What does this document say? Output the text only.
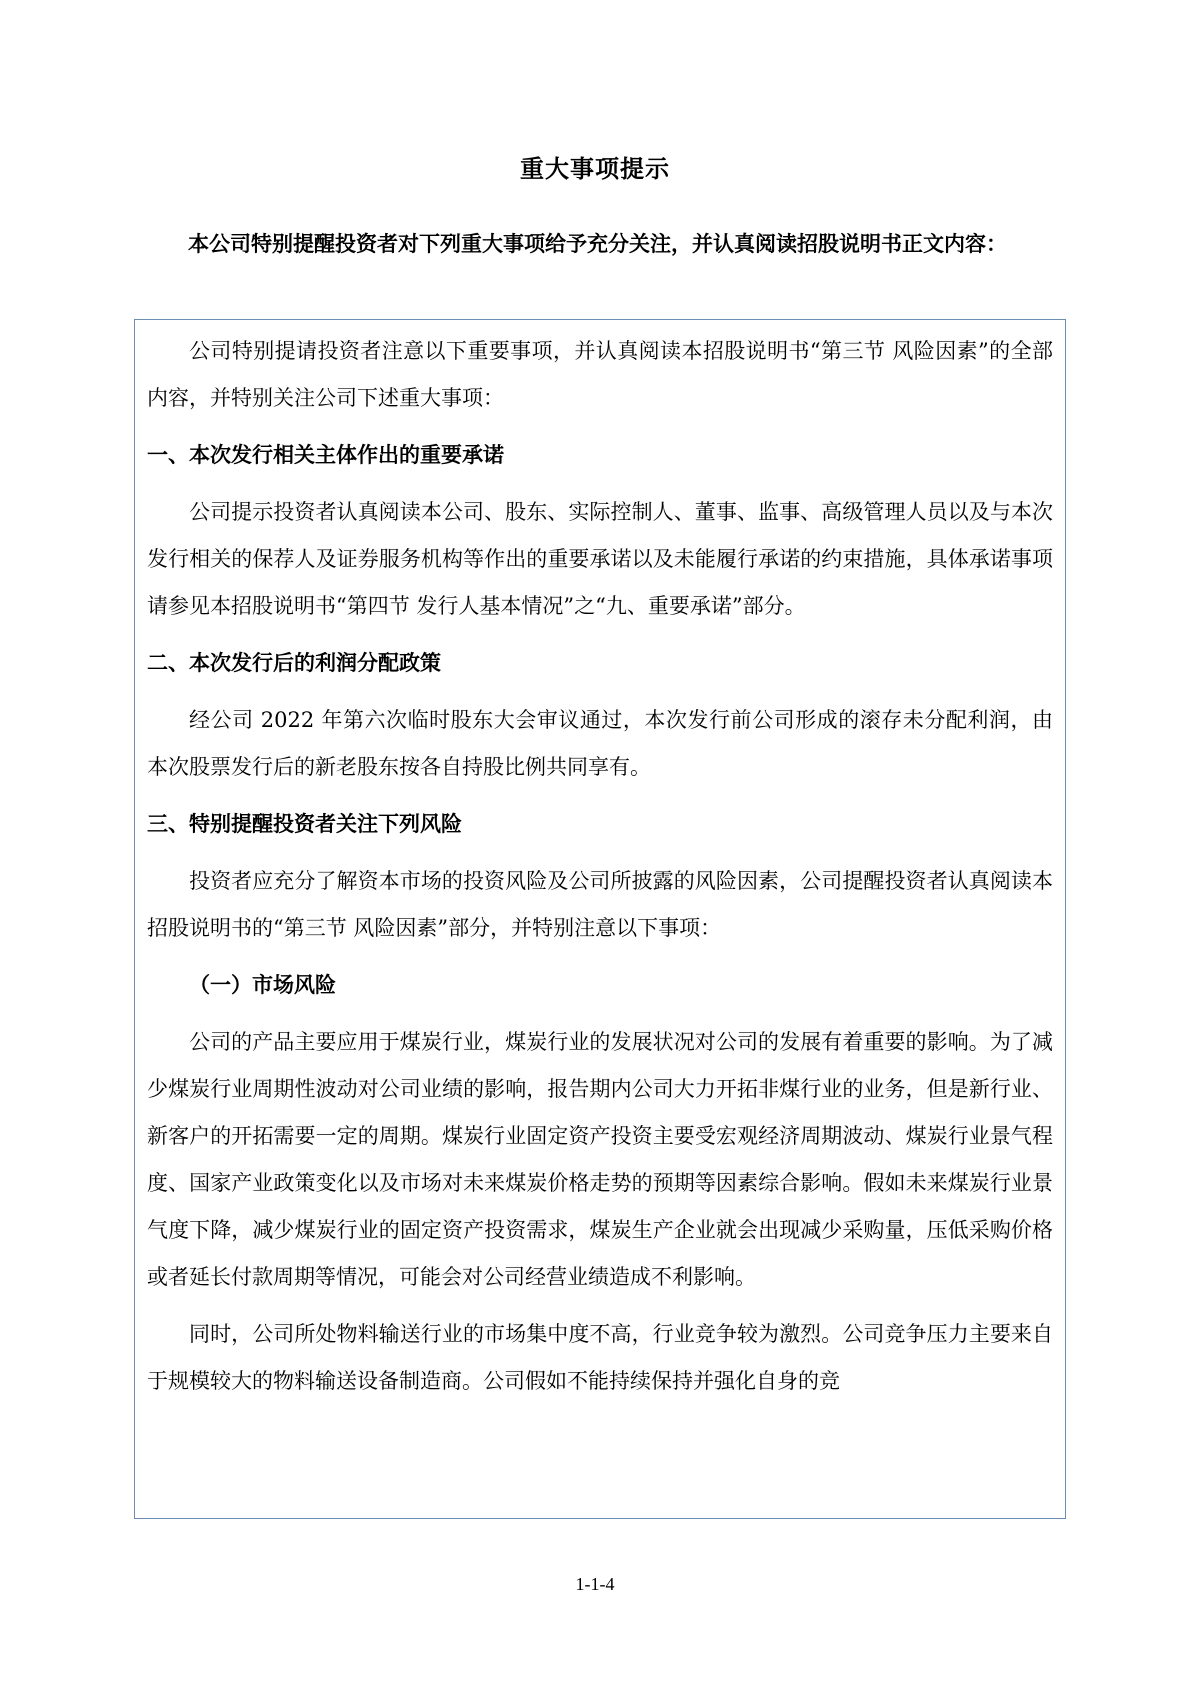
重大事项提示

本公司特别提醒投资者对下列重大事项给予充分关注，并认真阅读招股说明书正文内容：

公司特别提请投资者注意以下重要事项，并认真阅读本招股说明书“第三节 风险因素”的全部内容，并特别关注公司下述重大事项：

一、本次发行相关主体作出的重要承诺

公司提示投资者认真阅读本公司、股东、实际控制人、董事、监事、高级管理人员以及与本次发行相关的保荐人及证券服务机构等作出的重要承诺以及未能履行承诺的约束措施，具体承诺事项请参见本招股说明书“第四节 发行人基本情况”之“九、重要承诺”部分。

二、本次发行后的利润分配政策

经公司 2022 年第六次临时股东大会审议通过，本次发行前公司形成的滚存未分配利润，由本次股票发行后的新老股东按各自持股比例共同享有。

三、特别提醒投资者关注下列风险

投资者应充分了解资本市场的投资风险及公司所披露的风险因素，公司提醒投资者认真阅读本招股说明书的“第三节 风险因素”部分，并特别注意以下事项：

（一）市场风险

公司的产品主要应用于煤炭行业，煤炭行业的发展状况对公司的发展有着重要的影响。为了减少煤炭行业周期性波动对公司业绩的影响，报告期内公司大力开拓非煤行业的业务，但是新行业、新客户的开拓需要一定的周期。煤炭行业固定资产投资主要受宏观经济周期波动、煤炭行业景气程度、国家产业政策变化以及市场对未来煤炭价格走势的预期等因素综合影响。假如未来煤炭行业景气度下降，减少煤炭行业的固定资产投资需求，煤炭生产企业就会出现减少采购量，压低采购价格或者延长付款周期等情况，可能会对公司经营业绩造成不利影响。

同时，公司所处物料输送行业的市场集中度不高，行业竞争较为激烈。公司竞争压力主要来自于规模较大的物料输送设备制造商。公司假如不能持续保持并强化自身的竞

1-1-4
